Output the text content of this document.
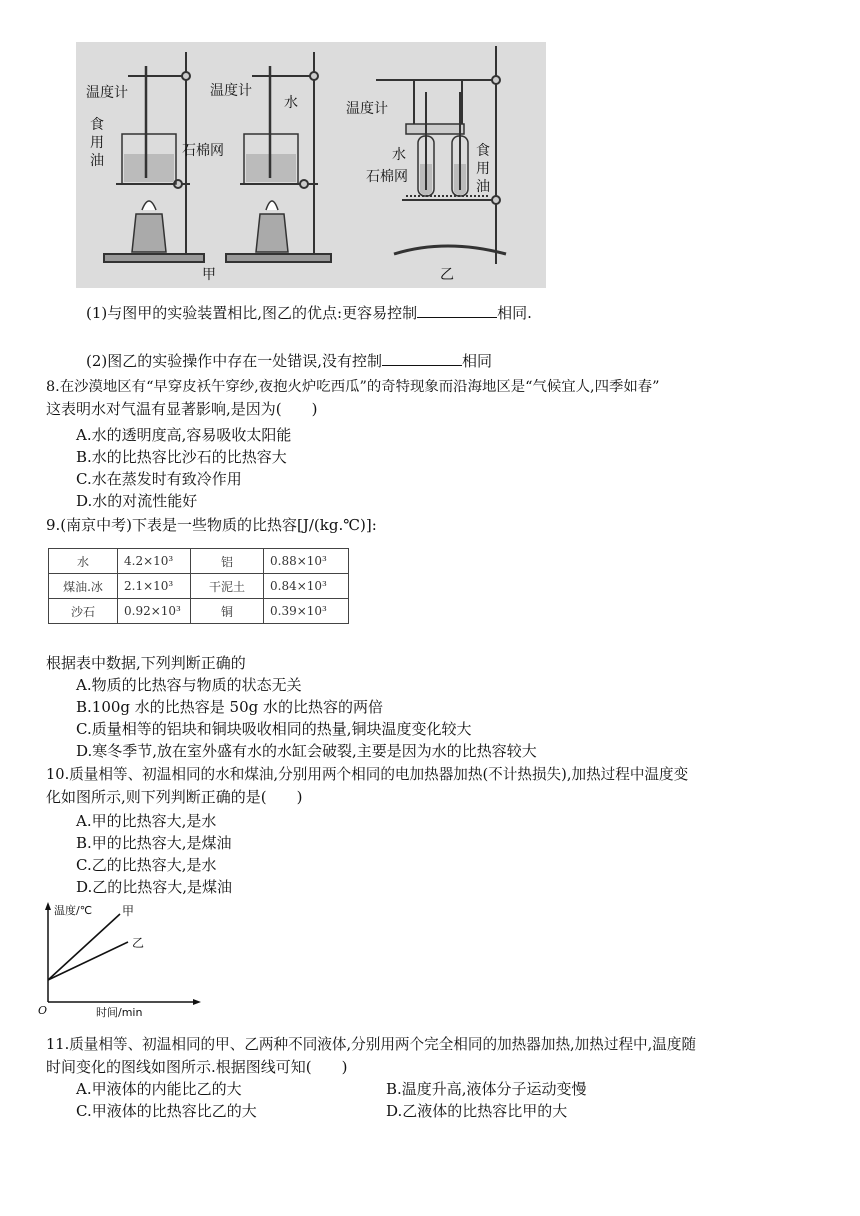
温度计
食用油
温度计
水
石棉网
温度计
水
石棉网
食用油
甲	乙
(1)与图甲的实验装置相比,图乙的优点:更容易控制	相同.
(2)图乙的实验操作中存在一处错误,没有控制	相同
8.在沙漠地区有“早穿皮袄午穿纱,夜抱火炉吃西瓜”的奇特现象而沿海地区是“气候宜人,四季如春”
这表明水对气温有显著影响,是因为(　　)
A.水的透明度高,容易吸收太阳能
B.水的比热容比沙石的比热容大
C.水在蒸发时有致冷作用
D.水的对流性能好
9.(南京中考)下表是一些物质的比热容[J/(kg.℃)]:
水	4.2×10³	铝	0.88×10³
煤油.冰	2.1×10³	干泥土	0.84×10³
沙石	0.92×10³	铜	0.39×10³
根据表中数据,下列判断正确的
A.物质的比热容与物质的状态无关
B.100g 水的比热容是 50g 水的比热容的两倍
C.质量相等的铝块和铜块吸收相同的热量,铜块温度变化较大
D.寒冬季节,放在室外盛有水的水缸会破裂,主要是因为水的比热容较大
10.质量相等、初温相同的水和煤油,分别用两个相同的电加热器加热(不计热损失),加热过程中温度变
化如图所示,则下列判断正确的是(　　)
A.甲的比热容大,是水
B.甲的比热容大,是煤油
C.乙的比热容大,是水
D.乙的比热容大,是煤油
温度/℃ 甲
乙
O	时间/min
11.质量相等、初温相同的甲、乙两种不同液体,分别用两个完全相同的加热器加热,加热过程中,温度随
时间变化的图线如图所示.根据图线可知(　　)
A.甲液体的内能比乙的大	B.温度升高,液体分子运动变慢
C.甲液体的比热容比乙的大	D.乙液体的比热容比甲的大
